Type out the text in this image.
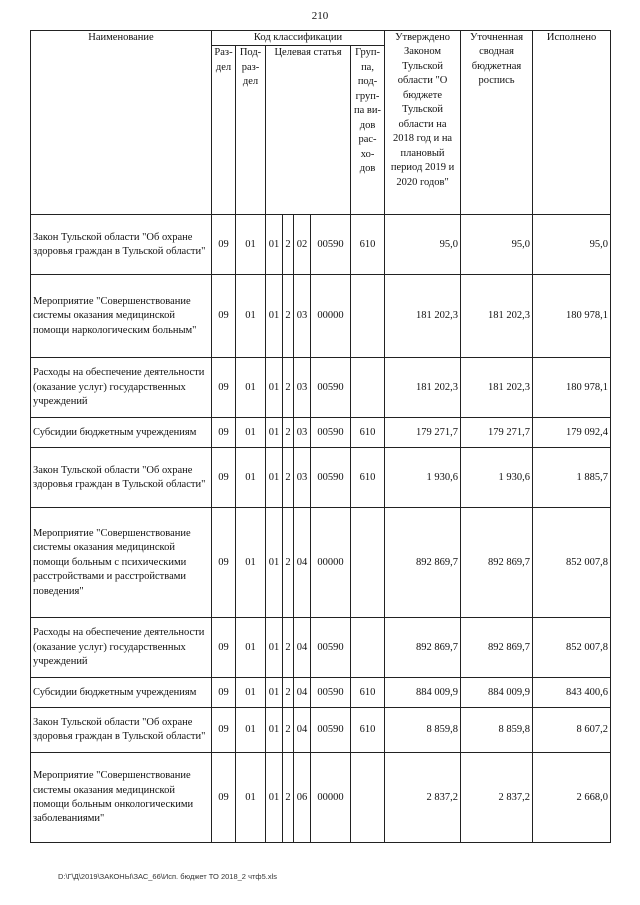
210
Наименование	Код классификации							Утверждено Законом Тульской области "О бюджете Тульской области на 2018 год и на плановый период 2019 и 2020 годов"	Уточненная сводная бюджетная роспись	Исполнено
	Раз-дел	Под-раз-дел	Целевая статья				Груп-па, под-груп-па ви-дов рас-хо-дов			
Закон Тульской области "Об охране здоровья граждан в Тульской области"	09	01	01	2	02	00590	610	95,0	95,0	95,0
Мероприятие "Совершенствование системы оказания медицинской помощи наркологическим больным"	09	01	01	2	03	00000		181 202,3	181 202,3	180 978,1
Расходы на обеспечение деятельности (оказание услуг) государственных учреждений	09	01	01	2	03	00590		181 202,3	181 202,3	180 978,1
Субсидии бюджетным учреждениям	09	01	01	2	03	00590	610	179 271,7	179 271,7	179 092,4
Закон Тульской области "Об охране здоровья граждан в Тульской области"	09	01	01	2	03	00590	610	1 930,6	1 930,6	1 885,7
Мероприятие "Совершенствование системы оказания медицинской помощи больным с психическими расстройствами и расстройствами поведения"	09	01	01	2	04	00000		892 869,7	892 869,7	852 007,8
Расходы на обеспечение деятельности (оказание услуг) государственных учреждений	09	01	01	2	04	00590		892 869,7	892 869,7	852 007,8
Субсидии бюджетным учреждениям	09	01	01	2	04	00590	610	884 009,9	884 009,9	843 400,6
Закон Тульской области "Об охране здоровья граждан в Тульской области"	09	01	01	2	04	00590	610	8 859,8	8 859,8	8 607,2
Мероприятие "Совершенствование системы оказания медицинской помощи больным онкологическими заболеваниями"	09	01	01	2	06	00000		2 837,2	2 837,2	2 668,0
D:\Г\Д\2019\ЗАКОНЫ\ЗАС_66\Исп. бюджет ТО 2018_2 чтф5.xls
